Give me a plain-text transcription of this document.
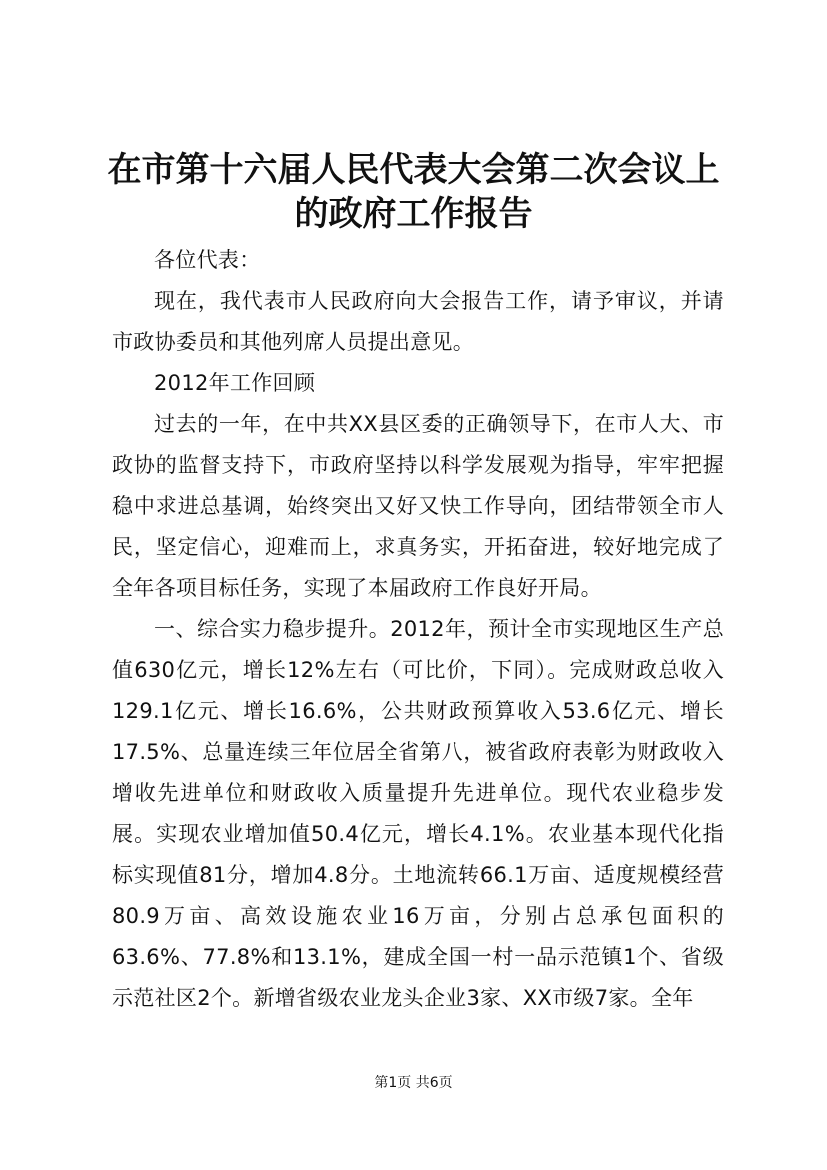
在市第十六届人民代表大会第二次会议上的政府工作报告

各位代表：

现在，我代表市人民政府向大会报告工作，请予审议，并请市政协委员和其他列席人员提出意见。

2012年工作回顾

过去的一年，在中共XX县区委的正确领导下，在市人大、市政协的监督支持下，市政府坚持以科学发展观为指导，牢牢把握稳中求进总基调，始终突出又好又快工作导向，团结带领全市人民，坚定信心，迎难而上，求真务实，开拓奋进，较好地完成了全年各项目标任务，实现了本届政府工作良好开局。

一、综合实力稳步提升。2012年，预计全市实现地区生产总值630亿元，增长12%左右（可比价，下同）。完成财政总收入129.1亿元、增长16.6%，公共财政预算收入53.6亿元、增长17.5%、总量连续三年位居全省第八，被省政府表彰为财政收入增收先进单位和财政收入质量提升先进单位。现代农业稳步发展。实现农业增加值50.4亿元，增长4.1%。农业基本现代化指标实现值81分，增加4.8分。土地流转66.1万亩、适度规模经营80.9万亩、高效设施农业16万亩，分别占总承包面积的63.6%、77.8%和13.1%，建成全国一村一品示范镇1个、省级示范社区2个。新增省级农业龙头企业3家、XX市级7家。全年

第1页 共6页
